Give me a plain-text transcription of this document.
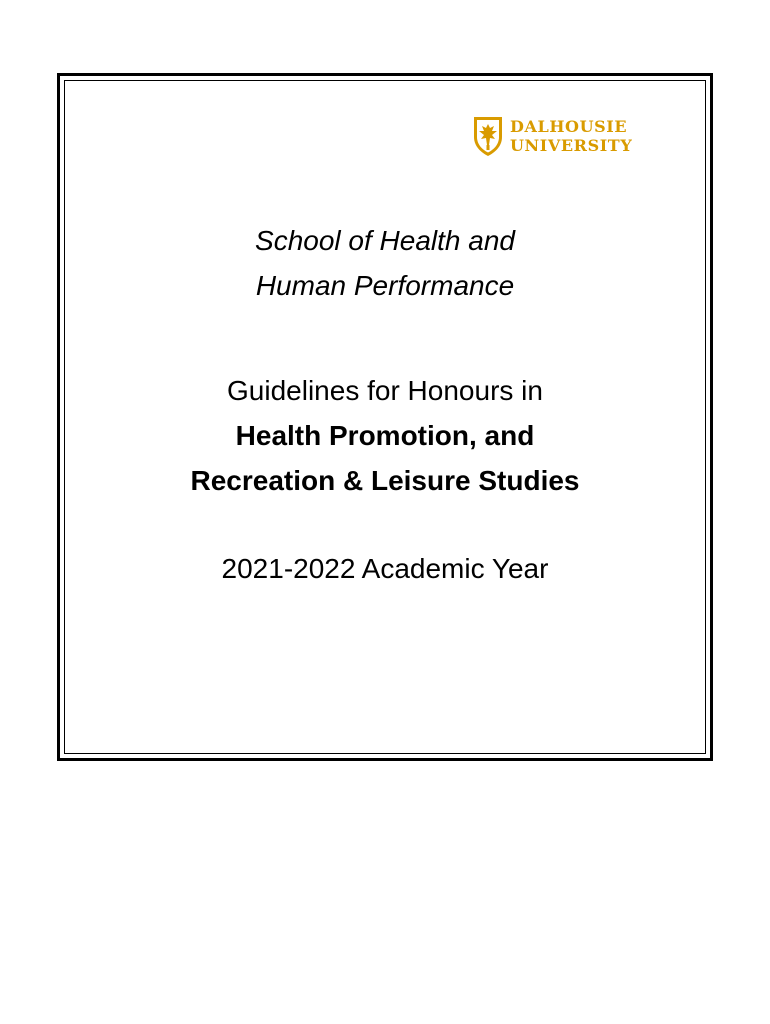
DALHOUSIE
UNIVERSITY
School of Health and
Human Performance
Guidelines for Honours in
Health Promotion, and
Recreation & Leisure Studies
2021-2022 Academic Year
